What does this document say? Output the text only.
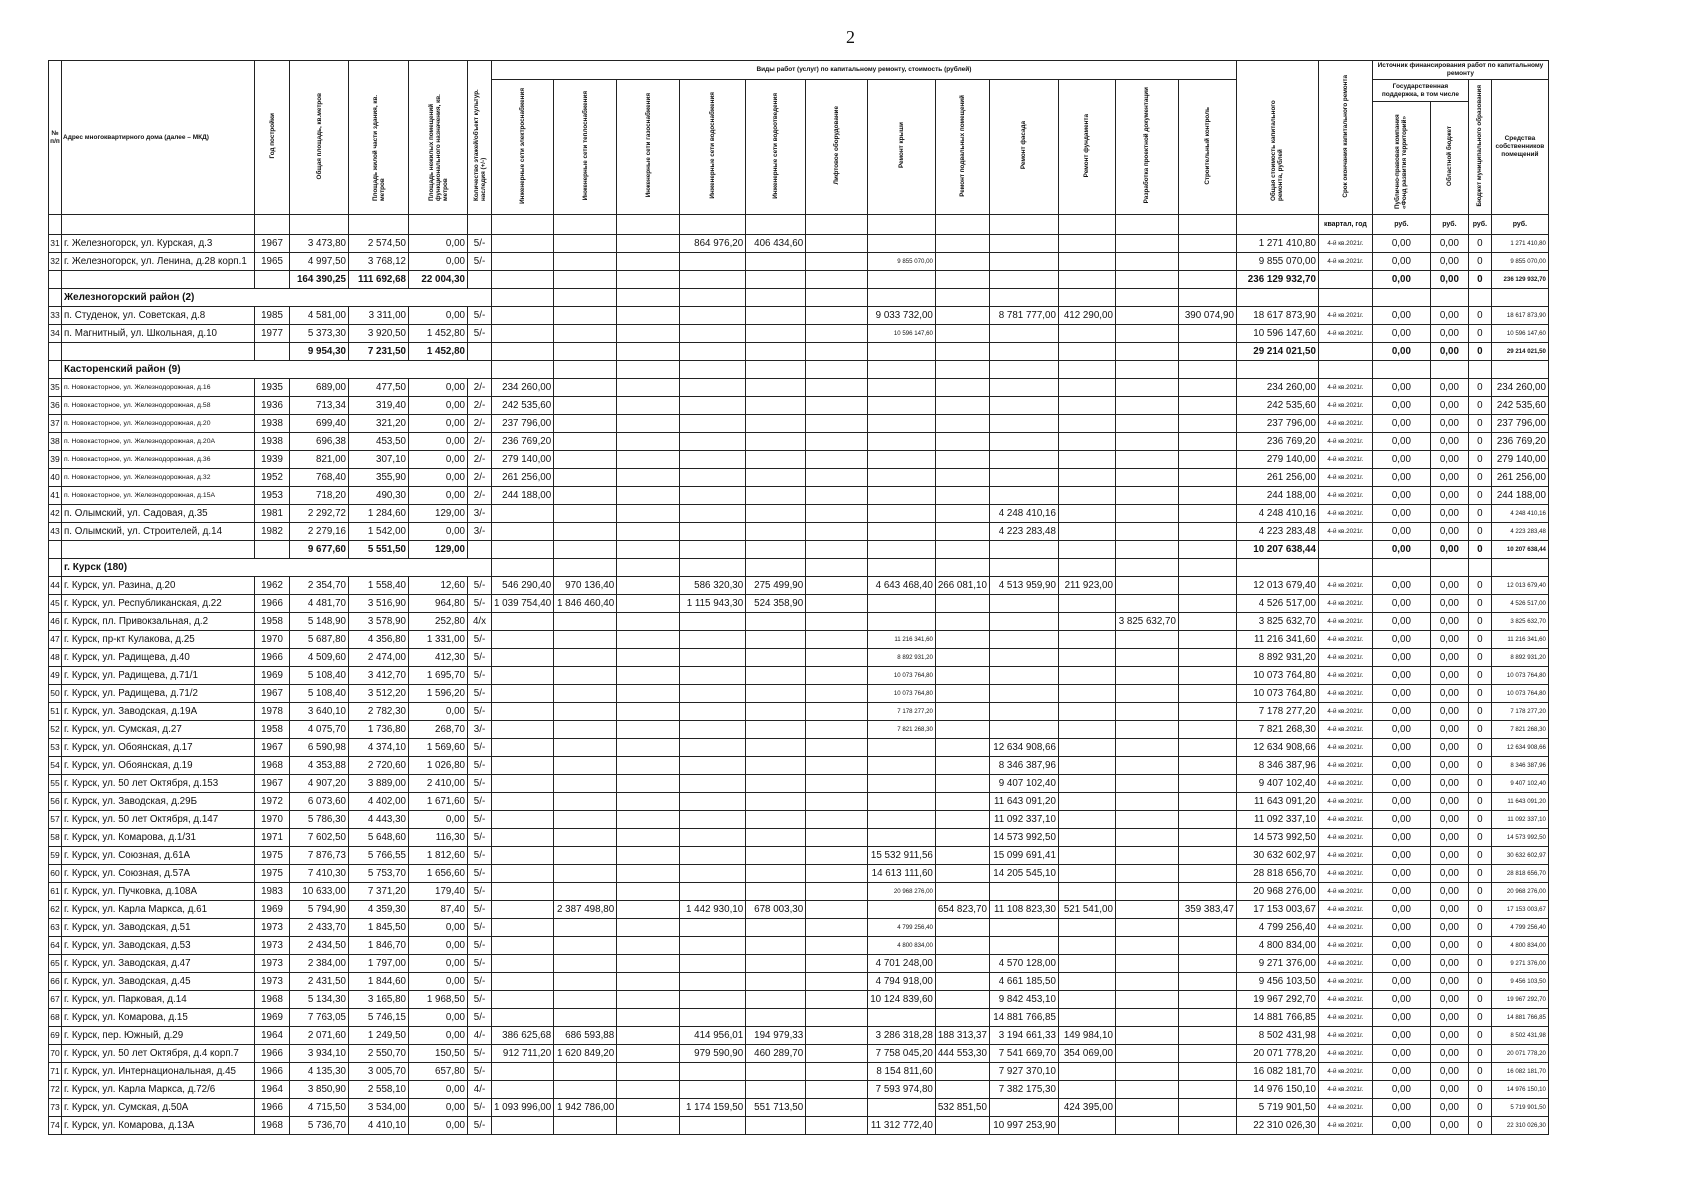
2
№ п/п	Адрес многоквартирного дома (далее – МКД)	Год постройки	Общая площадь, кв.метров	Площадь жилой части здания, кв. метров	Площадь нежилых помещений функционального назначения, кв. метров	Количество этажей/объект культур. наследия (+/-)	Виды работ (услуг) по капитальному ремонту, стоимость (рублей)												Общая стоимость капитального ремонта, рублей	Срок окончания капитального ремонта	Источник финансирования работ по капитальному ремонту			
							Инженерные сети электроснабжения	Инженерные сети теплоснабжения	Инженерные сети газоснабжения	Инженерные сети водоснабжения	Инженерные сети водоотведения	Лифтовое оборудование	Ремонт крыши	Ремонт подвальных помещений	Ремонт фасада	Ремонт фундамента	Разработка проектной документации	Строительный контроль			Государственная поддержка, в том числе		Бюджет муниципального образования	Средства собственников помещений
																					Публично-правовая компания «Фонд развития территорий»	Областной бюджет		
																				квартал, год	руб.	руб.	руб.	руб.
31	г. Железногорск, ул. Курская, д.3	1967	3 473,80	2 574,50	0,00	5/-				864 976,20	406 434,60								1 271 410,80	4-й кв.2021г.	0,00	0,00	0	1 271 410,80
32	г. Железногорск, ул. Ленина, д.28 корп.1	1965	4 997,50	3 768,12	0,00	5/-							9 855 070,00						9 855 070,00	4-й кв.2021г.	0,00	0,00	0	9 855 070,00
			164 390,25	111 692,68	22 004,30														236 129 932,70		0,00	0,00	0	236 129 932,70
	Железногорский район (2)																							
33	п. Студенок, ул. Советская, д.8	1985	4 581,00	3 311,00	0,00	5/-							9 033 732,00		8 781 777,00	412 290,00		390 074,90	18 617 873,90	4-й кв.2021г.	0,00	0,00	0	18 617 873,90
34	п. Магнитный, ул. Школьная, д.10	1977	5 373,30	3 920,50	1 452,80	5/-							10 596 147,60						10 596 147,60	4-й кв.2021г.	0,00	0,00	0	10 596 147,60
			9 954,30	7 231,50	1 452,80														29 214 021,50		0,00	0,00	0	29 214 021,50
	Касторенский район (9)																							
35	п. Новокасторное, ул. Железнодорожная, д.16	1935	689,00	477,50	0,00	2/-	234 260,00												234 260,00	4-й кв.2021г.	0,00	0,00	0	234 260,00
36	п. Новокасторное, ул. Железнодорожная, д.58	1936	713,34	319,40	0,00	2/-	242 535,60												242 535,60	4-й кв.2021г.	0,00	0,00	0	242 535,60
37	п. Новокасторное, ул. Железнодорожная, д.20	1938	699,40	321,20	0,00	2/-	237 796,00												237 796,00	4-й кв.2021г.	0,00	0,00	0	237 796,00
38	п. Новокасторное, ул. Железнодорожная, д.20А	1938	696,38	453,50	0,00	2/-	236 769,20												236 769,20	4-й кв.2021г.	0,00	0,00	0	236 769,20
39	п. Новокасторное, ул. Железнодорожная, д.36	1939	821,00	307,10	0,00	2/-	279 140,00												279 140,00	4-й кв.2021г.	0,00	0,00	0	279 140,00
40	п. Новокасторное, ул. Железнодорожная, д.32	1952	768,40	355,90	0,00	2/-	261 256,00												261 256,00	4-й кв.2021г.	0,00	0,00	0	261 256,00
41	п. Новокасторное, ул. Железнодорожная, д.15А	1953	718,20	490,30	0,00	2/-	244 188,00												244 188,00	4-й кв.2021г.	0,00	0,00	0	244 188,00
42	п. Олымский, ул. Садовая, д.35	1981	2 292,72	1 284,60	129,00	3/-									4 248 410,16				4 248 410,16	4-й кв.2021г.	0,00	0,00	0	4 248 410,16
43	п. Олымский, ул. Строителей, д.14	1982	2 279,16	1 542,00	0,00	3/-									4 223 283,48				4 223 283,48	4-й кв.2021г.	0,00	0,00	0	4 223 283,48
			9 677,60	5 551,50	129,00														10 207 638,44		0,00	0,00	0	10 207 638,44
	г. Курск (180)																							
44	г. Курск, ул. Разина, д.20	1962	2 354,70	1 558,40	12,60	5/-	546 290,40	970 136,40		586 320,30	275 499,90		4 643 468,40	266 081,10	4 513 959,90	211 923,00			12 013 679,40	4-й кв.2021г.	0,00	0,00	0	12 013 679,40
45	г. Курск, ул. Республиканская, д.22	1966	4 481,70	3 516,90	964,80	5/-	1 039 754,40	1 846 460,40		1 115 943,30	524 358,90								4 526 517,00	4-й кв.2021г.	0,00	0,00	0	4 526 517,00
46	г. Курск, пл. Привокзальная, д.2	1958	5 148,90	3 578,90	252,80	4/х											3 825 632,70		3 825 632,70	4-й кв.2021г.	0,00	0,00	0	3 825 632,70
47	г. Курск, пр-кт Кулакова, д.25	1970	5 687,80	4 356,80	1 331,00	5/-							11 216 341,60						11 216 341,60	4-й кв.2021г.	0,00	0,00	0	11 216 341,60
48	г. Курск, ул. Радищева, д.40	1966	4 509,60	2 474,00	412,30	5/-							8 892 931,20						8 892 931,20	4-й кв.2021г.	0,00	0,00	0	8 892 931,20
49	г. Курск, ул. Радищева, д.71/1	1969	5 108,40	3 412,70	1 695,70	5/-							10 073 764,80						10 073 764,80	4-й кв.2021г.	0,00	0,00	0	10 073 764,80
50	г. Курск, ул. Радищева, д.71/2	1967	5 108,40	3 512,20	1 596,20	5/-							10 073 764,80						10 073 764,80	4-й кв.2021г.	0,00	0,00	0	10 073 764,80
51	г. Курск, ул. Заводская, д.19А	1978	3 640,10	2 782,30	0,00	5/-							7 178 277,20						7 178 277,20	4-й кв.2021г.	0,00	0,00	0	7 178 277,20
52	г. Курск, ул. Сумская, д.27	1958	4 075,70	1 736,80	268,70	3/-							7 821 268,30						7 821 268,30	4-й кв.2021г.	0,00	0,00	0	7 821 268,30
53	г. Курск, ул. Обоянская, д.17	1967	6 590,98	4 374,10	1 569,60	5/-									12 634 908,66				12 634 908,66	4-й кв.2021г.	0,00	0,00	0	12 634 908,66
54	г. Курск, ул. Обоянская, д.19	1968	4 353,88	2 720,60	1 026,80	5/-									8 346 387,96				8 346 387,96	4-й кв.2021г.	0,00	0,00	0	8 346 387,96
55	г. Курск, ул. 50 лет Октября, д.153	1967	4 907,20	3 889,00	2 410,00	5/-									9 407 102,40				9 407 102,40	4-й кв.2021г.	0,00	0,00	0	9 407 102,40
56	г. Курск, ул. Заводская, д.29Б	1972	6 073,60	4 402,00	1 671,60	5/-									11 643 091,20				11 643 091,20	4-й кв.2021г.	0,00	0,00	0	11 643 091,20
57	г. Курск, ул. 50 лет Октября, д.147	1970	5 786,30	4 443,30	0,00	5/-									11 092 337,10				11 092 337,10	4-й кв.2021г.	0,00	0,00	0	11 092 337,10
58	г. Курск, ул. Комарова, д.1/31	1971	7 602,50	5 648,60	116,30	5/-									14 573 992,50				14 573 992,50	4-й кв.2021г.	0,00	0,00	0	14 573 992,50
59	г. Курск, ул. Союзная, д.61А	1975	7 876,73	5 766,55	1 812,60	5/-							15 532 911,56		15 099 691,41				30 632 602,97	4-й кв.2021г.	0,00	0,00	0	30 632 602,97
60	г. Курск, ул. Союзная, д.57А	1975	7 410,30	5 753,70	1 656,60	5/-							14 613 111,60		14 205 545,10				28 818 656,70	4-й кв.2021г.	0,00	0,00	0	28 818 656,70
61	г. Курск, ул. Пучковка, д.108А	1983	10 633,00	7 371,20	179,40	5/-							20 968 276,00						20 968 276,00	4-й кв.2021г.	0,00	0,00	0	20 968 276,00
62	г. Курск, ул. Карла Маркса, д.61	1969	5 794,90	4 359,30	87,40	5/-		2 387 498,80		1 442 930,10	678 003,30			654 823,70	11 108 823,30	521 541,00		359 383,47	17 153 003,67	4-й кв.2021г.	0,00	0,00	0	17 153 003,67
63	г. Курск, ул. Заводская, д.51	1973	2 433,70	1 845,50	0,00	5/-							4 799 256,40						4 799 256,40	4-й кв.2021г.	0,00	0,00	0	4 799 256,40
64	г. Курск, ул. Заводская, д.53	1973	2 434,50	1 846,70	0,00	5/-							4 800 834,00						4 800 834,00	4-й кв.2021г.	0,00	0,00	0	4 800 834,00
65	г. Курск, ул. Заводская, д.47	1973	2 384,00	1 797,00	0,00	5/-							4 701 248,00		4 570 128,00				9 271 376,00	4-й кв.2021г.	0,00	0,00	0	9 271 376,00
66	г. Курск, ул. Заводская, д.45	1973	2 431,50	1 844,60	0,00	5/-							4 794 918,00		4 661 185,50				9 456 103,50	4-й кв.2021г.	0,00	0,00	0	9 456 103,50
67	г. Курск, ул. Парковая, д.14	1968	5 134,30	3 165,80	1 968,50	5/-							10 124 839,60		9 842 453,10				19 967 292,70	4-й кв.2021г.	0,00	0,00	0	19 967 292,70
68	г. Курск, ул. Комарова, д.15	1969	7 763,05	5 746,15	0,00	5/-									14 881 766,85				14 881 766,85	4-й кв.2021г.	0,00	0,00	0	14 881 766,85
69	г. Курск, пер. Южный, д.29	1964	2 071,60	1 249,50	0,00	4/-	386 625,68	686 593,88		414 956,01	194 979,33		3 286 318,28	188 313,37	3 194 661,33	149 984,10			8 502 431,98	4-й кв.2021г.	0,00	0,00	0	8 502 431,98
70	г. Курск, ул. 50 лет Октября, д.4 корп.7	1966	3 934,10	2 550,70	150,50	5/-	912 711,20	1 620 849,20		979 590,90	460 289,70		7 758 045,20	444 553,30	7 541 669,70	354 069,00			20 071 778,20	4-й кв.2021г.	0,00	0,00	0	20 071 778,20
71	г. Курск, ул. Интернациональная, д.45	1966	4 135,30	3 005,70	657,80	5/-							8 154 811,60		7 927 370,10				16 082 181,70	4-й кв.2021г.	0,00	0,00	0	16 082 181,70
72	г. Курск, ул. Карла Маркса, д.72/6	1964	3 850,90	2 558,10	0,00	4/-							7 593 974,80		7 382 175,30				14 976 150,10	4-й кв.2021г.	0,00	0,00	0	14 976 150,10
73	г. Курск, ул. Сумская, д.50А	1966	4 715,50	3 534,00	0,00	5/-	1 093 996,00	1 942 786,00		1 174 159,50	551 713,50			532 851,50		424 395,00			5 719 901,50	4-й кв.2021г.	0,00	0,00	0	5 719 901,50
74	г. Курск, ул. Комарова, д.13А	1968	5 736,70	4 410,10	0,00	5/-							11 312 772,40		10 997 253,90				22 310 026,30	4-й кв.2021г.	0,00	0,00	0	22 310 026,30
